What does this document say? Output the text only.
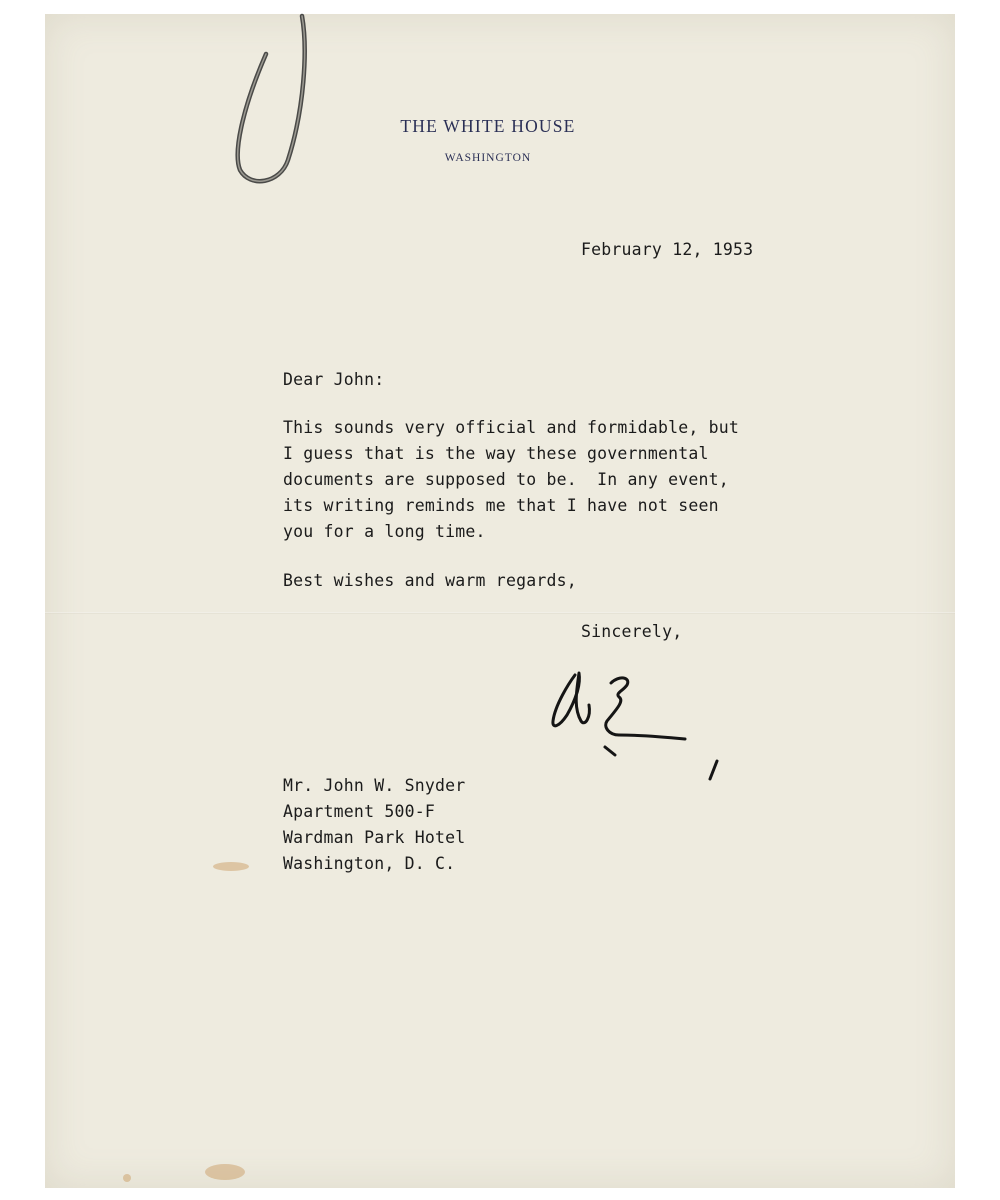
THE WHITE HOUSE
WASHINGTON
February 12, 1953
Dear John:
This sounds very official and formidable, but
I guess that is the way these governmental
documents are supposed to be.  In any event,
its writing reminds me that I have not seen
you for a long time.
Best wishes and warm regards,
Sincerely,
Mr. John W. Snyder
Apartment 500-F
Wardman Park Hotel
Washington, D. C.
